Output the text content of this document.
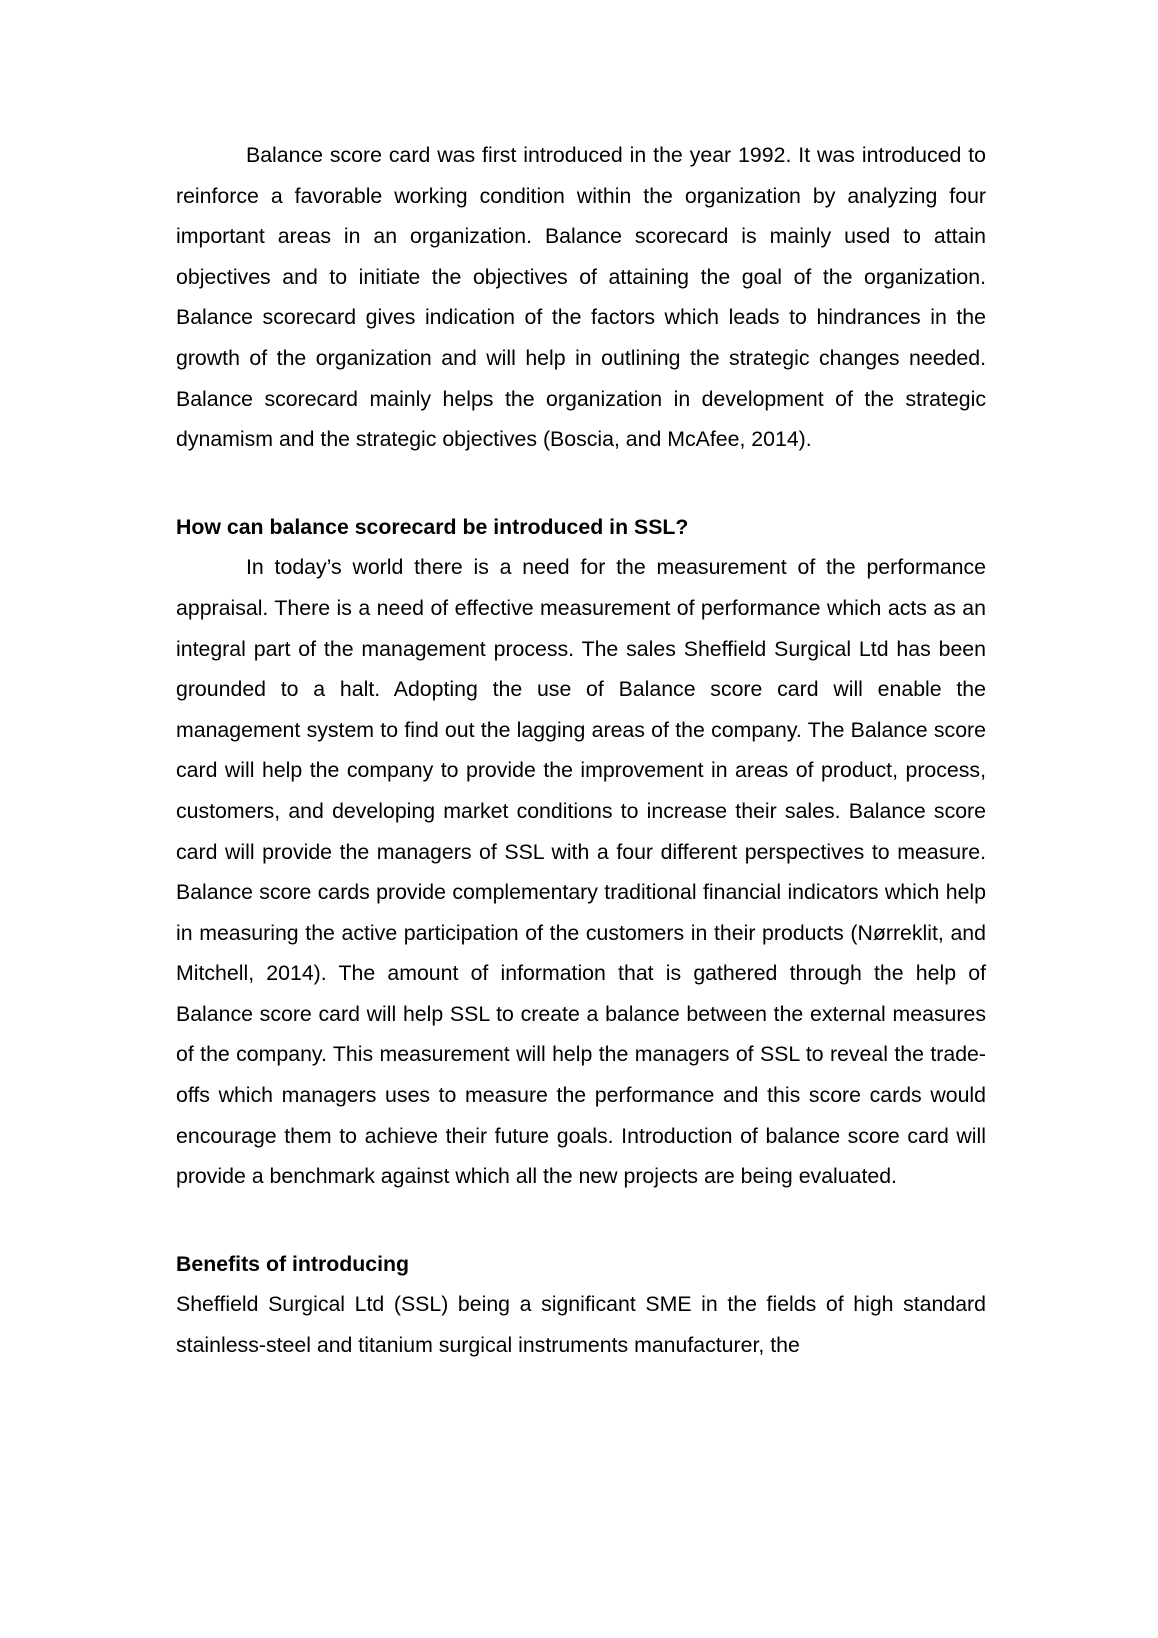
Balance score card was first introduced in the year 1992. It was introduced to reinforce a favorable working condition within the organization by analyzing four important areas in an organization. Balance scorecard is mainly used to attain objectives and to initiate the objectives of attaining the goal of the organization. Balance scorecard gives indication of the factors which leads to hindrances in the growth of the organization and will help in outlining the strategic changes needed. Balance scorecard mainly helps the organization in development of the strategic dynamism and the strategic objectives (Boscia, and McAfee, 2014).

How can balance scorecard be introduced in SSL?

In today’s world there is a need for the measurement of the performance appraisal. There is a need of effective measurement of performance which acts as an integral part of the management process. The sales Sheffield Surgical Ltd has been grounded to a halt. Adopting the use of Balance score card will enable the management system to find out the lagging areas of the company. The Balance score card will help the company to provide the improvement in areas of product, process, customers, and developing market conditions to increase their sales. Balance score card will provide the managers of SSL with a four different perspectives to measure. Balance score cards provide complementary traditional financial indicators which help in measuring the active participation of the customers in their products (Nørreklit, and Mitchell, 2014). The amount of information that is gathered through the help of Balance score card will help SSL to create a balance between the external measures of the company. This measurement will help the managers of SSL to reveal the trade-offs which managers uses to measure the performance and this score cards would encourage them to achieve their future goals. Introduction of balance score card will provide a benchmark against which all the new projects are being evaluated.

Benefits of introducing

Sheffield Surgical Ltd (SSL) being a significant SME in the fields of high standard stainless-steel and titanium surgical instruments manufacturer, the
